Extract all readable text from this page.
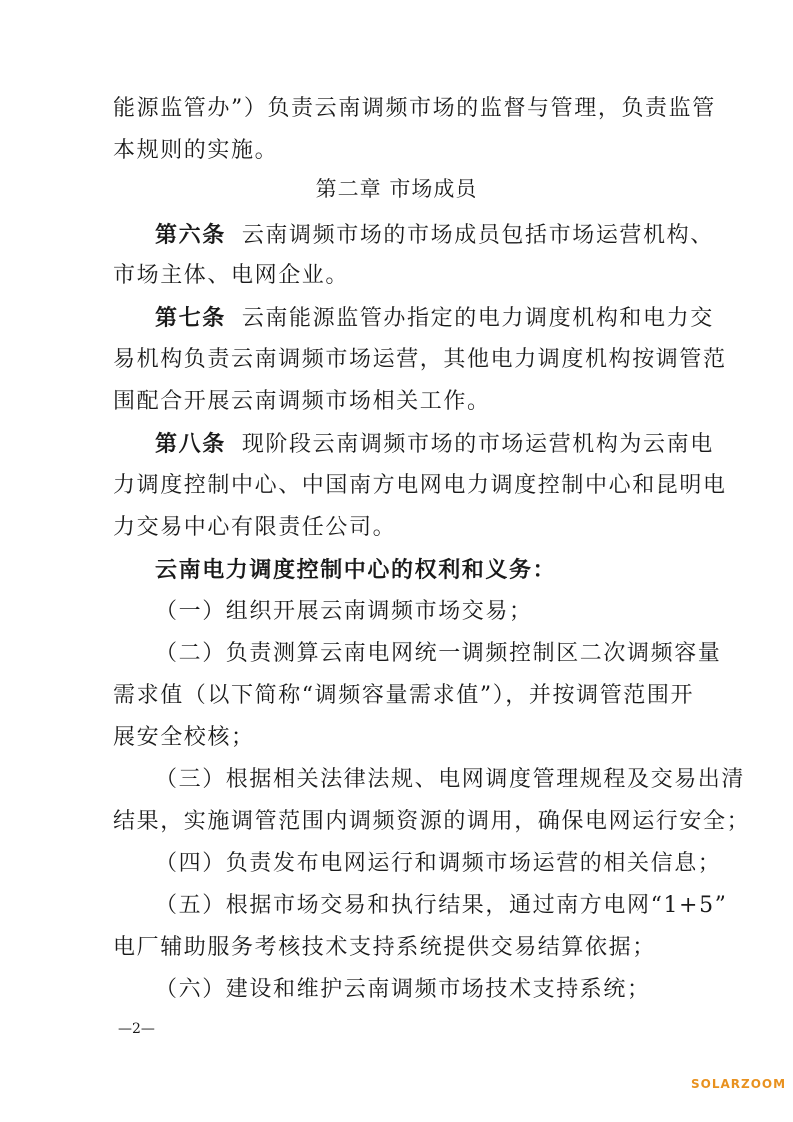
能源监管办”）负责云南调频市场的监督与管理，负责监管

本规则的实施。

第二章 市场成员

第六条 云南调频市场的市场成员包括市场运营机构、

市场主体、电网企业。

第七条 云南能源监管办指定的电力调度机构和电力交

易机构负责云南调频市场运营，其他电力调度机构按调管范

围配合开展云南调频市场相关工作。

第八条 现阶段云南调频市场的市场运营机构为云南电

力调度控制中心、中国南方电网电力调度控制中心和昆明电

力交易中心有限责任公司。

云南电力调度控制中心的权利和义务：

（一）组织开展云南调频市场交易；

（二）负责测算云南电网统一调频控制区二次调频容量

需求值（以下简称“调频容量需求值”），并按调管范围开

展安全校核；

（三）根据相关法律法规、电网调度管理规程及交易出清

结果，实施调管范围内调频资源的调用，确保电网运行安全；

（四）负责发布电网运行和调频市场运营的相关信息；

（五）根据市场交易和执行结果，通过南方电网“1+5”

电厂辅助服务考核技术支持系统提供交易结算依据；

（六）建设和维护云南调频市场技术支持系统；

—2—
SOLARZOOM
